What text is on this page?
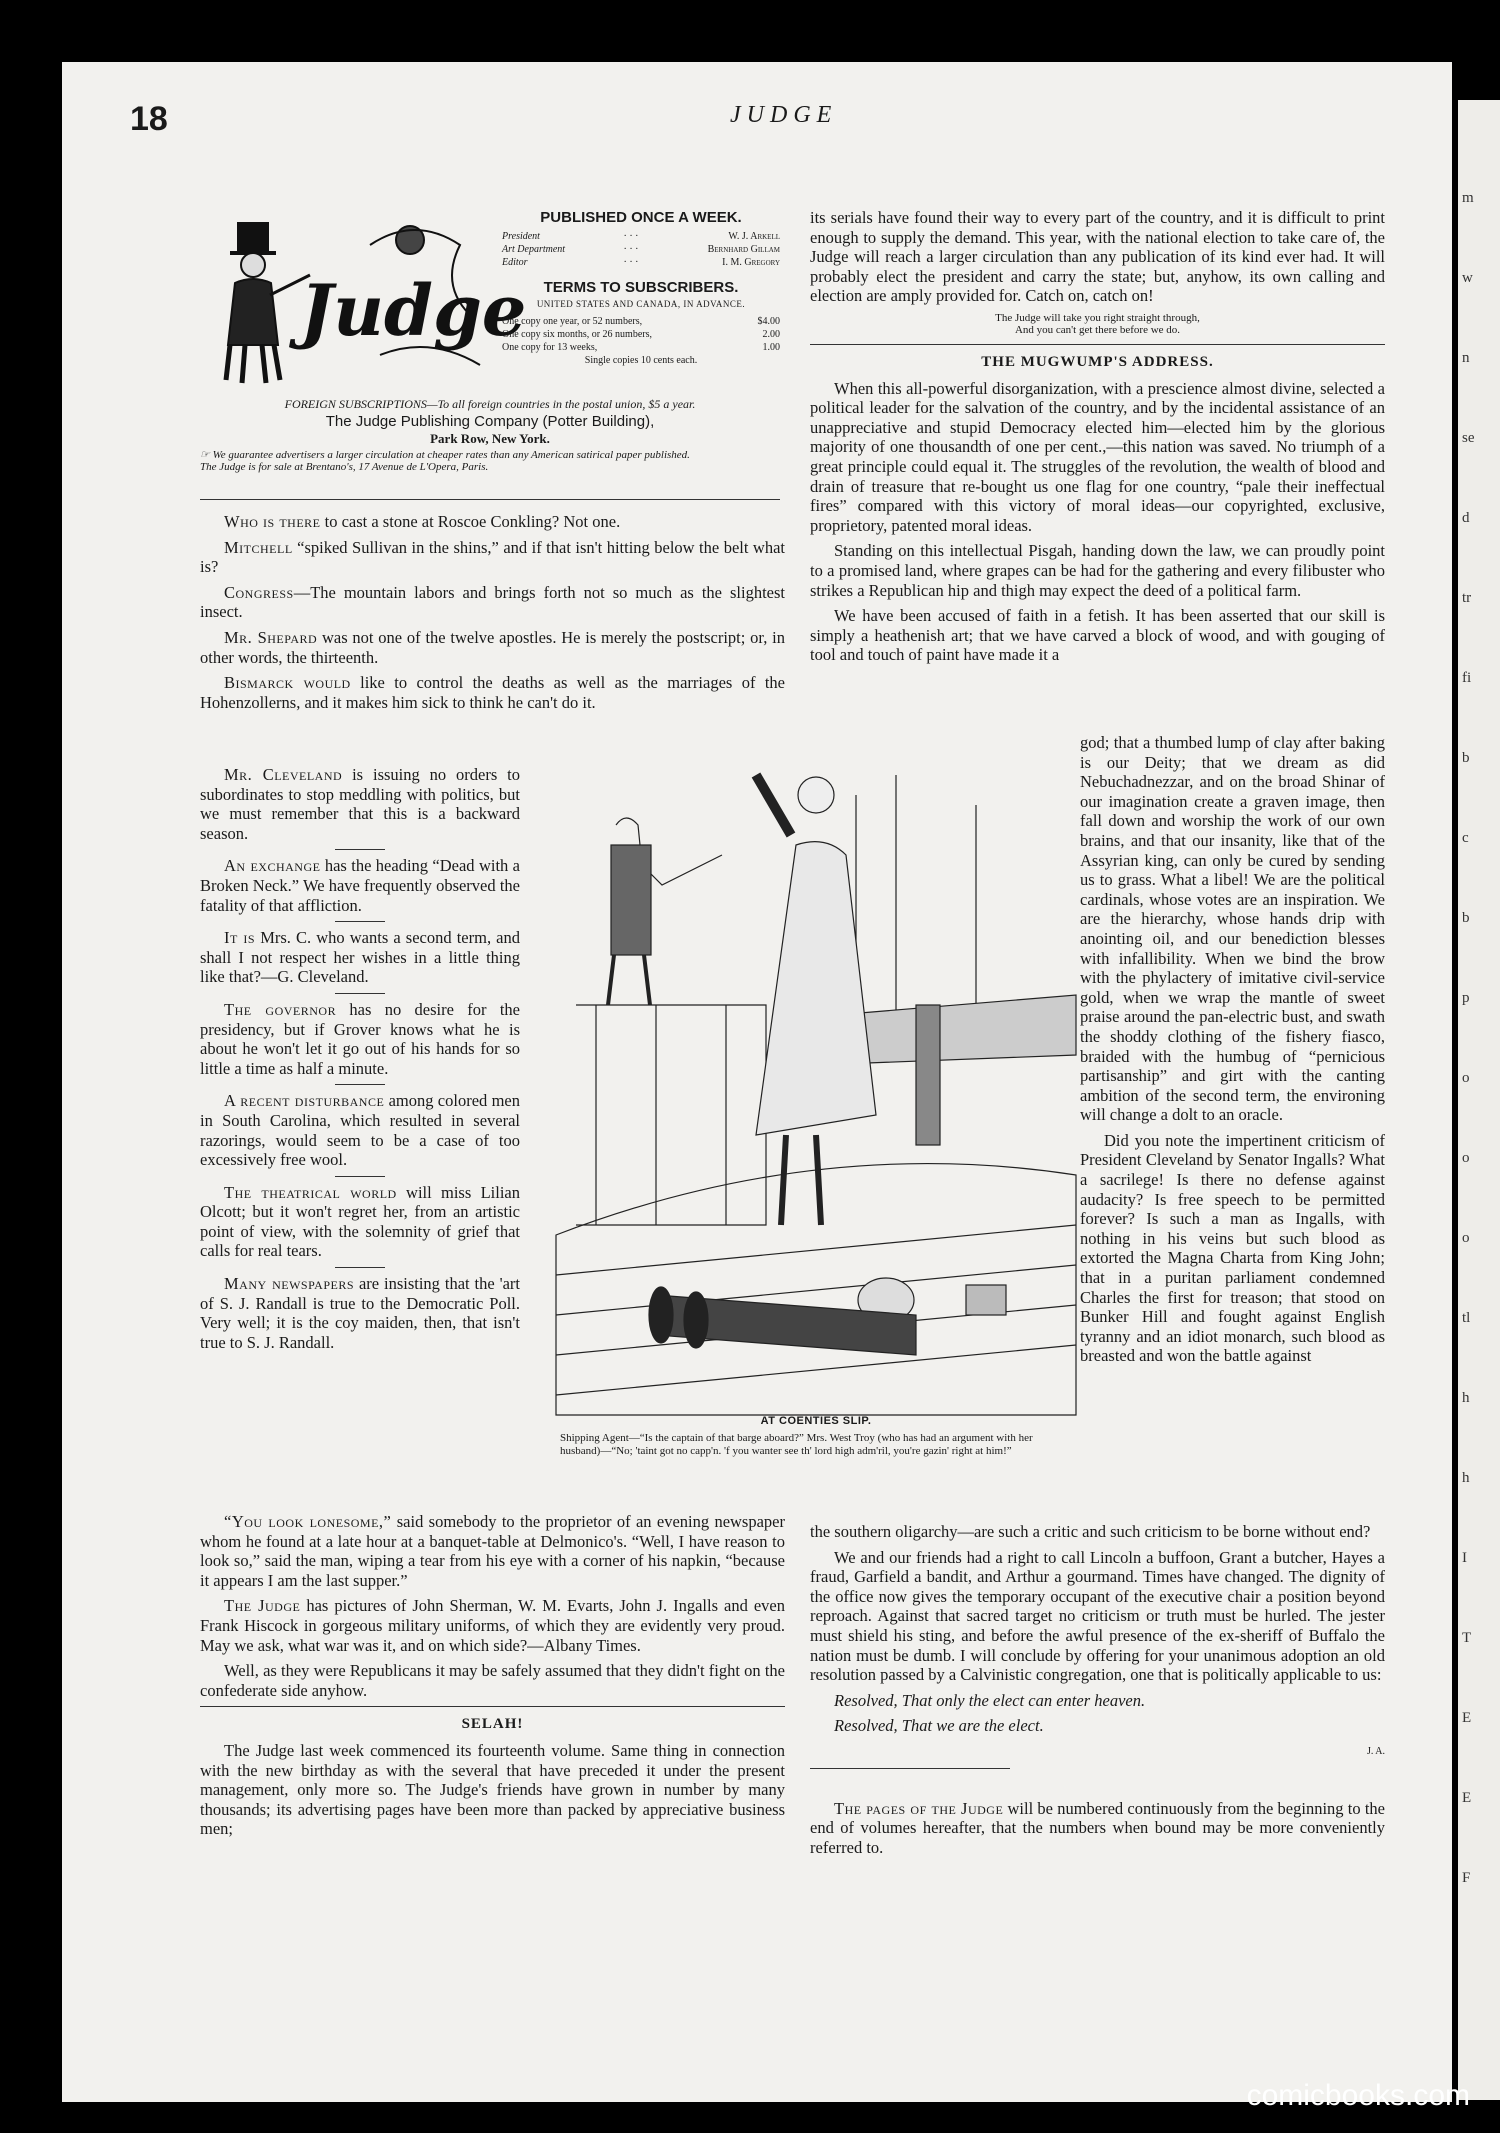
18	JUDGE
Judge
PUBLISHED ONCE A WEEK.
President	· · ·	W. J. Arkell
Art Department	· · ·	Bernhard Gillam
Editor	· · ·	I. M. Gregory
TERMS TO SUBSCRIBERS.
UNITED STATES AND CANADA, IN ADVANCE.
One copy one year, or 52 numbers,	$4.00
One copy six months, or 26 numbers,	2.00
One copy for 13 weeks,	1.00
Single copies 10 cents each.
FOREIGN SUBSCRIPTIONS—To all foreign countries in the postal union, $5 a year.
The Judge Publishing Company (Potter Building),
Park Row, New York.
☞ We guarantee advertisers a larger circulation at cheaper rates than any American satirical paper published.
The Judge is for sale at Brentano's, 17 Avenue de L'Opera, Paris.

Who is there to cast a stone at Roscoe Conkling? Not one.

Mitchell “spiked Sullivan in the shins,” and if that isn't hitting below the belt what is?

Congress—The mountain labors and brings forth not so much as the slightest insect.

Mr. Shepard was not one of the twelve apostles. He is merely the postscript; or, in other words, the thirteenth.

Bismarck would like to control the deaths as well as the marriages of the Hohenzollerns, and it makes him sick to think he can't do it.

Mr. Cleveland is issuing no orders to subordinates to stop meddling with politics, but we must remember that this is a backward season.

An exchange has the heading “Dead with a Broken Neck.” We have frequently observed the fatality of that affliction.

It is Mrs. C. who wants a second term, and shall I not respect her wishes in a little thing like that?—G. Cleveland.

The governor has no desire for the presidency, but if Grover knows what he is about he won't let it go out of his hands for so little a time as half a minute.

A recent disturbance among colored men in South Carolina, which resulted in several razorings, would seem to be a case of too excessively free wool.

The theatrical world will miss Lilian Olcott; but it won't regret her, from an artistic point of view, with the solemnity of grief that calls for real tears.

Many newspapers are insisting that the 'art of S. J. Randall is true to the Democratic Poll. Very well; it is the coy maiden, then, that isn't true to S. J. Randall.

“You look lonesome,” said somebody to the proprietor of an evening newspaper whom he found at a late hour at a banquet-table at Delmonico's. “Well, I have reason to look so,” said the man, wiping a tear from his eye with a corner of his napkin, “because it appears I am the last supper.”

The Judge has pictures of John Sherman, W. M. Evarts, John J. Ingalls and even Frank Hiscock in gorgeous military uniforms, of which they are evidently very proud. May we ask, what war was it, and on which side?—Albany Times.

Well, as they were Republicans it may be safely assumed that they didn't fight on the confederate side anyhow.

SELAH!

The Judge last week commenced its fourteenth volume. Same thing in connection with the new birthday as with the several that have preceded it under the present management, only more so. The Judge's friends have grown in number by many thousands; its advertising pages have been more than packed by appreciative business men;

AT COENTIES SLIP.
Shipping Agent—“Is the captain of that barge aboard?” Mrs. West Troy (who has had an argument with her husband)—“No; 'taint got no capp'n. 'f you wanter see th' lord high adm'ril, you're gazin' right at him!”

its serials have found their way to every part of the country, and it is difficult to print enough to supply the demand. This year, with the national election to take care of, the Judge will reach a larger circulation than any publication of its kind ever had. It will probably elect the president and carry the state; but, anyhow, its own calling and election are amply provided for. Catch on, catch on!

The Judge will take you right straight through,
And you can't get there before we do.
THE MUGWUMP'S ADDRESS.

When this all-powerful disorganization, with a prescience almost divine, selected a political leader for the salvation of the country, and by the incidental assistance of an unappreciative and stupid Democracy elected him—elected him by the glorious majority of one thousandth of one per cent.,—this nation was saved. No triumph of a great principle could equal it. The struggles of the revolution, the wealth of blood and drain of treasure that re-bought us one flag for one country, “pale their ineffectual fires” compared with this victory of moral ideas—our copyrighted, exclusive, proprietory, patented moral ideas.

Standing on this intellectual Pisgah, handing down the law, we can proudly point to a promised land, where grapes can be had for the gathering and every filibuster who strikes a Republican hip and thigh may expect the deed of a political farm.

We have been accused of faith in a fetish. It has been asserted that our skill is simply a heathenish art; that we have carved a block of wood, and with gouging of tool and touch of paint have made it a

god; that a thumbed lump of clay after baking is our Deity; that we dream as did Nebuchadnezzar, and on the broad Shinar of our imagination create a graven image, then fall down and worship the work of our own brains, and that our insanity, like that of the Assyrian king, can only be cured by sending us to grass. What a libel! We are the political cardinals, whose votes are an inspiration. We are the hierarchy, whose hands drip with anointing oil, and our benediction blesses with infallibility. When we bind the brow with the phylactery of imitative civil-service gold, when we wrap the mantle of sweet praise around the pan-electric bust, and swath the shoddy clothing of the fishery fiasco, braided with the humbug of “pernicious partisanship” and girt with the canting ambition of the second term, the environing will change a dolt to an oracle.

Did you note the impertinent criticism of President Cleveland by Senator Ingalls? What a sacrilege! Is there no defense against audacity? Is free speech to be permitted forever? Is such a man as Ingalls, with nothing in his veins but such blood as extorted the Magna Charta from King John; that in a puritan parliament condemned Charles the first for treason; that stood on Bunker Hill and fought against English tyranny and an idiot monarch, such blood as breasted and won the battle against

the southern oligarchy—are such a critic and such criticism to be borne without end?

We and our friends had a right to call Lincoln a buffoon, Grant a butcher, Hayes a fraud, Garfield a bandit, and Arthur a gourmand. Times have changed. The dignity of the office now gives the temporary occupant of the executive chair a position beyond reproach. Against that sacred target no criticism or truth must be hurled. The jester must shield his sting, and before the awful presence of the ex-sheriff of Buffalo the nation must be dumb. I will conclude by offering for your unanimous adoption an old resolution passed by a Calvinistic congregation, one that is politically applicable to us:

Resolved, That only the elect can enter heaven.

Resolved, That we are the elect.

J. A.

The pages of the Judge will be numbered continuously from the beginning to the end of volumes hereafter, that the numbers when bound may be more conveniently referred to.

m
w
n
se
d
tr
fi
b
c
b
p
o
o
o
tl
h
h
I
T
E
E
F
comicbooks.com
